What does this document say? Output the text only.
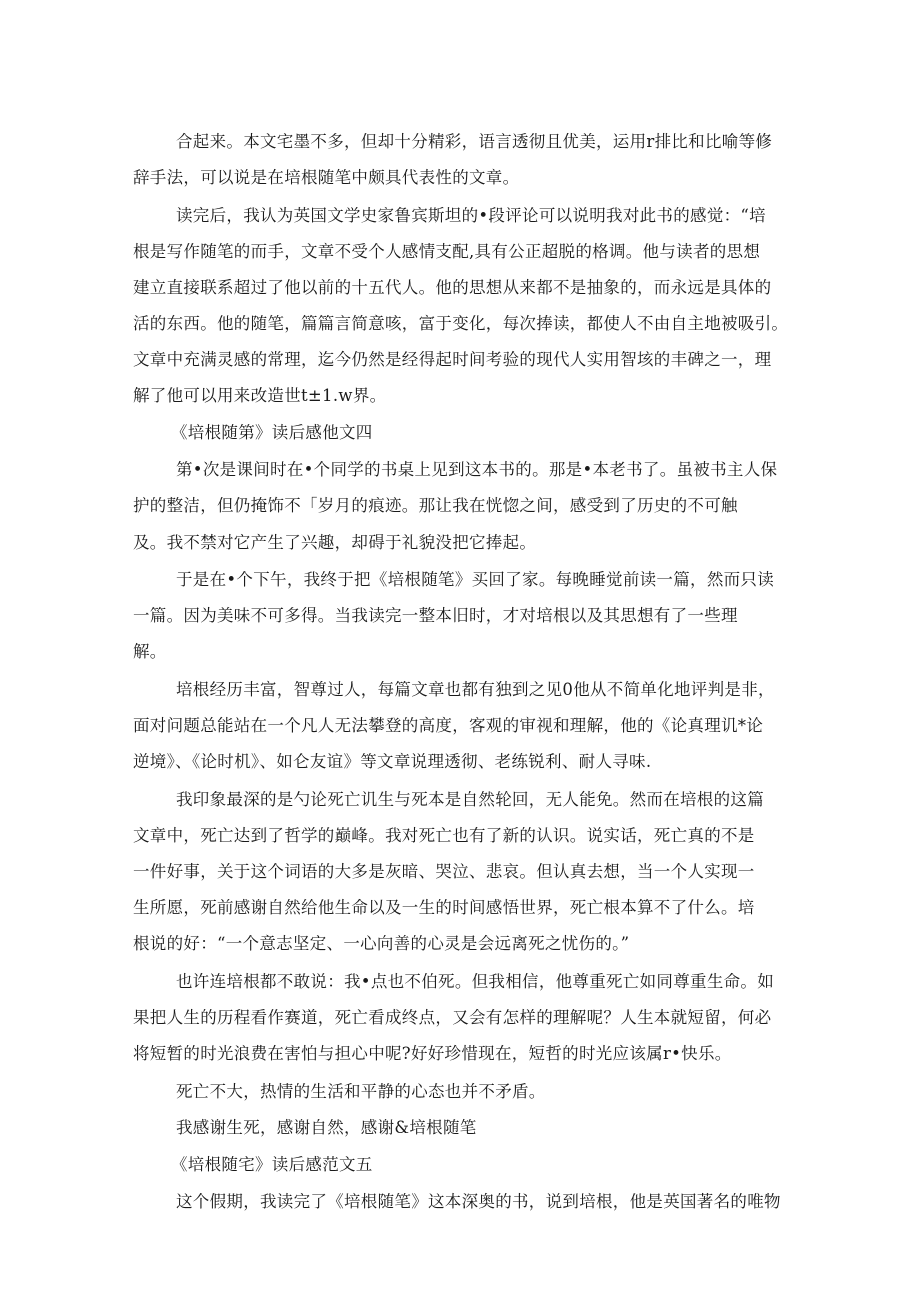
合起来。本文宅墨不多，但却十分精彩，语言透彻且优美，运用r排比和比喻等修
辞手法，可以说是在培根随笔中颇具代表性的文章。
读完后，我认为英国文学史家鲁宾斯坦的•段评论可以说明我对此书的感觉：“培
根是写作随笔的而手，文章不受个人感情支配,具有公正超脱的格调。他与读者的思想
建立直接联系超过了他以前的十五代人。他的思想从来都不是抽象的，而永远是具体的
活的东西。他的随笔，篇篇言简意咳，富于变化，每次捧读，都使人不由自主地被吸引。
文章中充满灵感的常理，迄今仍然是经得起时间考验的现代人实用智垓的丰碑之一，理
解了他可以用来改造世t±1.w界。
《培根随第》读后感他文四
第•次是课间时在•个同学的书桌上见到这本书的。那是•本老书了。虽被书主人保
护的整洁，但仍掩饰不「岁月的痕迹。那让我在恍惚之间，感受到了历史的不可触
及。我不禁对它产生了兴趣，却碍于礼貌没把它捧起。
于是在•个下午，我终于把《培根随笔》买回了家。每晚睡觉前读一篇，然而只读
一篇。因为美味不可多得。当我读完一整本旧时，才对培根以及其思想有了一些理
解。
培根经历丰富，智尊过人，每篇文章也都有独到之见0他从不简单化地评判是非，
面对问题总能站在一个凡人无法攀登的高度，客观的审视和理解，他的《论真理讥*论
逆境》、《论时机》、如仑友谊》等文章说理透彻、老练锐利、耐人寻味.
我印象最深的是勺论死亡讥生与死本是自然轮回，无人能免。然而在培根的这篇
文章中，死亡达到了哲学的巅峰。我对死亡也有了新的认识。说实话，死亡真的不是
一件好事，关于这个词语的大多是灰暗、哭泣、悲哀。但认真去想，当一个人实现一
生所愿，死前感谢自然给他生命以及一生的时间感悟世界，死亡根本算不了什么。培
根说的好：“一个意志坚定、一心向善的心灵是会远离死之忧伤的。”
也许连培根都不敢说：我•点也不伯死。但我相信，他尊重死亡如同尊重生命。如
果把人生的历程看作赛道，死亡看成终点，又会有怎样的理解呢？人生本就短留，何必
将短暂的时光浪费在害怕与担心中呢?好好珍惜现在，短哲的时光应该属r•快乐。
死亡不大，热情的生活和平静的心态也并不矛盾。
我感谢生死，感谢自然，感谢&培根随笔
《培根随宅》读后感范文五
这个假期，我读完了《培根随笔》这本深奥的书，说到培根，他是英国著名的唯物
